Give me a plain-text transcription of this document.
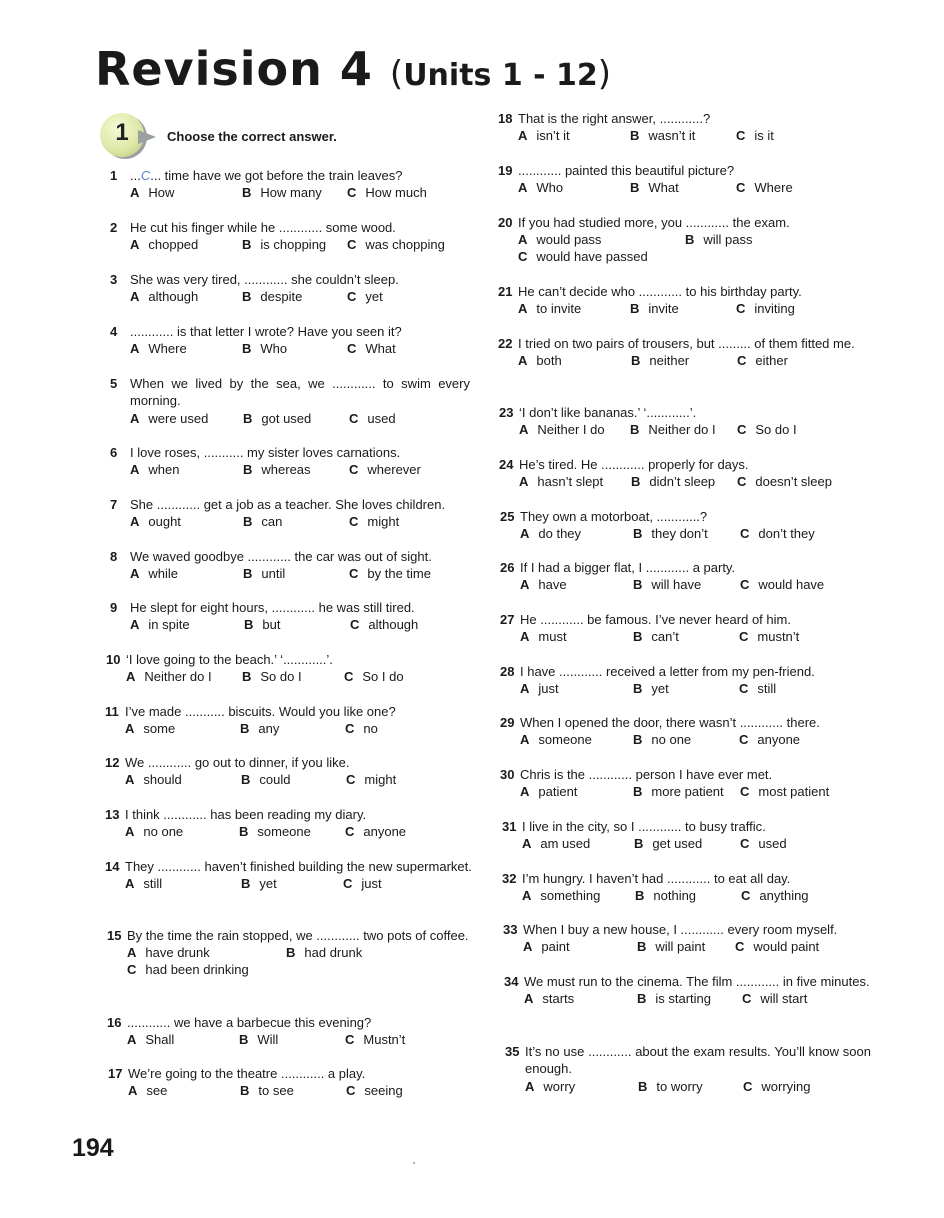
Revision 4 (Units 1 - 12)
1	Choose the correct answer.
1 ...C... time have we got before the train leaves?
A How	B How many C How much
2 He cut his finger while he ............ some wood.
A chopped	B is chopping C was chopping
3 She was very tired, ............ she couldn’t sleep.
A although	B despite	C yet
4 ............ is that letter I wrote? Have you seen it?
A Where	B Who	C What
5 When we lived by the sea, we ............ to swim every morning.
A were used	B got used	C used
6 I love roses, ........... my sister loves carnations.
A when	B whereas	C wherever
7 She ............ get a job as a teacher. She loves children.
A ought	B can	C might
8 We waved goodbye ............ the car was out of sight.
A while	B until	C by the time
9 He slept for eight hours, ............ he was still tired.
A in spite	B but	C although
10 ‘I love going to the beach.’ ‘............’.
A Neither do I B So do I	C So I do
11 I’ve made ........... biscuits. Would you like one?
A some	B any	C no
12 We ............ go out to dinner, if you like.
A should	B could	C might
13 I think ............ has been reading my diary.
A no one	B someone	C anyone
14 They ............ haven’t finished building the new supermarket.
A still	B yet	C just
15 By the time the rain stopped, we ............ two pots of coffee.
A have drunk	B had drunk
C had been drinking
16 ............ we have a barbecue this evening?
A Shall	B Will	C Mustn’t
17 We’re going to the theatre ............ a play.
A see	B to see	C seeing
18 That is the right answer, ............?
A isn’t it	B wasn’t it	C is it
19 ............ painted this beautiful picture?
A Who	B What	C Where
20 If you had studied more, you ............ the exam.
A would pass	B will pass
C would have passed
21 He can’t decide who ............ to his birthday party.
A to invite	B invite	C inviting
22 I tried on two pairs of trousers, but ......... of them fitted me.
A both	B neither	C either
23 ‘I don’t like bananas.’ ‘............’.
A Neither I do B Neither do I C So do I
24 He’s tired. He ............ properly for days.
A hasn’t slept B didn’t sleep C doesn’t sleep
25 They own a motorboat, ............?
A do they	B they don’t C don’t they
26 If I had a bigger flat, I ............ a party.
A have	B will have	C would have
27 He ............ be famous. I’ve never heard of him.
A must	B can’t	C mustn’t
28 I have ............ received a letter from my pen-friend.
A just	B yet	C still
29 When I opened the door, there wasn’t ............ there.
A someone	B no one	C anyone
30 Chris is the ............ person I have ever met.
A patient	B more patient C most patient
31 I live in the city, so I ............ to busy traffic.
A am used	B get used	C used
32 I’m hungry. I haven’t had ............ to eat all day.
A something	B nothing	C anything
33 When I buy a new house, I ............ every room myself.
A paint	B will paint C would paint
34 We must run to the cinema. The film ............ in five minutes.
A starts	B is starting C will start
35 It’s no use ............ about the exam results. You’ll know soon enough.
A worry	B to worry	C worrying
194
